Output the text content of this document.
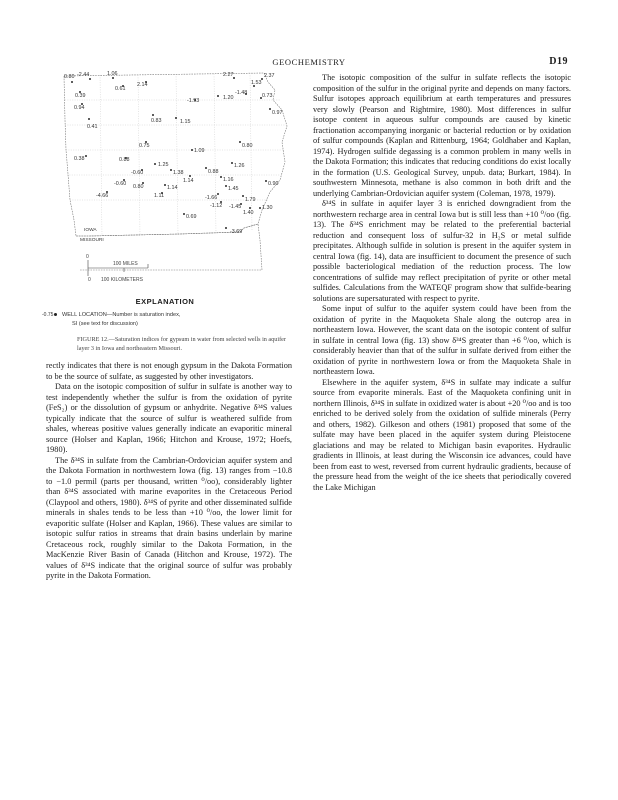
GEOCHEMISTRY	D19
0.80 -2.44	1.06
0.61
2.14
0.39
0.94
0.41
0.83	1.15
2.27	2.37
1.53
-1.48
1.20	0.73
-1.93
0.97
0.75
1.09
0.38	0.88
1.25
0.80
-0.60	1.38	0.88
1.26
1.14	1.16
-0.60
-4.66
1.14
0.80	1.45
1.11	-1.66
0.90
1.79
-1.12 -1.45
1.40
1.30
0.69
-3.69
IOWA
MISSOURI
0
100 MILES
0 100 KILOMETERS
EXPLANATION
-0.75 WELL LOCATION—Number is saturation index,
SI (see text for discussion)
FIGURE 12.—Saturation indices for gypsum in water from selected wells in aquifer layer 3 in Iowa and northeastern Missouri.

rectly indicates that there is not enough gypsum in the Dakota Formation to be the source of sulfate, as suggested by other investigators.

Data on the isotopic composition of sulfur in sulfate is another way to test independently whether the sulfur is from the oxidation of pyrite (FeS₂) or the dissolution of gypsum or anhydrite. Negative δ³⁴S values typically indicate that the source of sulfur is weathered sulfide from shales, whereas positive values generally indicate an evaporitic mineral source (Holser and Kaplan, 1966; Hitchon and Krouse, 1972; Hoefs, 1980).

The δ³⁴S in sulfate from the Cambrian-Ordovician aquifer system and the Dakota Formation in northwestern Iowa (fig. 13) ranges from −10.8 to −1.0 permil (parts per thousand, written ⁰/oo), considerably lighter than δ³⁴S associated with marine evaporites in the Cretaceous Period (Claypool and others, 1980). δ³⁴S of pyrite and other disseminated sulfide minerals in shales tends to be less than +10 ⁰/oo, the lower limit for evaporitic sulfate (Holser and Kaplan, 1966). These values are similar to isotopic sulfur ratios in streams that drain basins underlain by marine Cretaceous rock, roughly similar to the Dakota Formation, in the MacKenzie River Basin of Canada (Hitchon and Krouse, 1972). The values of δ³⁴S indicate that the original source of sulfur was probably pyrite in the Dakota Formation.

The isotopic composition of the sulfur in sulfate reflects the isotopic composition of the sulfur in the original pyrite and depends on many factors. Sulfur isotopes approach equilibrium at earth temperatures and pressures very slowly (Pearson and Rightmire, 1980). Most differences in sulfur isotope content in aqueous sulfur compounds are caused by kinetic fractionation accompanying inorganic or bacterial reduction or by oxidation of sulfur compounds (Kaplan and Rittenburg, 1964; Goldhaber and Kaplan, 1974). Hydrogen sulfide degassing is a common problem in many wells in the Dakota Formation; this indicates that reducing conditions do exist locally in the formation (U.S. Geological Survey, unpub. data; Burkart, 1984). In southwestern Minnesota, methane is also common in both drift and the underlying Cambrian-Ordovician aquifer system (Coleman, 1978, 1979).

δ³⁴S in sulfate in aquifer layer 3 is enriched downgradient from the northwestern recharge area in central Iowa but is still less than +10 ⁰/oo (fig. 13). The δ³⁴S enrichment may be related to the preferential bacterial reduction and consequent loss of sulfur-32 in H₂S or metal sulfide precipitates. Although sulfide in solution is present in the aquifer system in central Iowa (fig. 14), data are insufficient to document the presence of such possible bacteriological mediation of the reduction process. The low concentrations of sulfide may reflect precipitation of pyrite or other metal sulfides. Calculations from the WATEQF program show that sulfide-bearing solutions are supersaturated with respect to pyrite.

Some input of sulfur to the aquifer system could have been from the oxidation of pyrite in the Maquoketa Shale along the outcrop area in northeastern Iowa. However, the scant data on the isotopic content of sulfur in sulfate in central Iowa (fig. 13) show δ³⁴S greater than +6 ⁰/oo, which is considerably heavier than that of the sulfur in sulfate derived from either the oxidation of pyrite in northwestern Iowa or from the Maquoketa Shale in northeastern Iowa.

Elsewhere in the aquifer system, δ³⁴S in sulfate may indicate a sulfur source from evaporite minerals. East of the Maquoketa confining unit in northern Illinois, δ³⁴S in sulfate in oxidized water is about +20 ⁰/oo and is too enriched to be derived solely from the oxidation of sulfide minerals (Perry and others, 1982). Gilkeson and others (1981) proposed that some of the sulfate may have been placed in the aquifer system during Pleistocene glaciations and may be related to Michigan basin evaporites. Hydraulic gradients in Illinois, at least during the Wisconsin ice advances, could have been from east to west, reversed from current hydraulic gradients, because of the pressure head from the weight of the ice sheets that periodically covered the Lake Michigan
